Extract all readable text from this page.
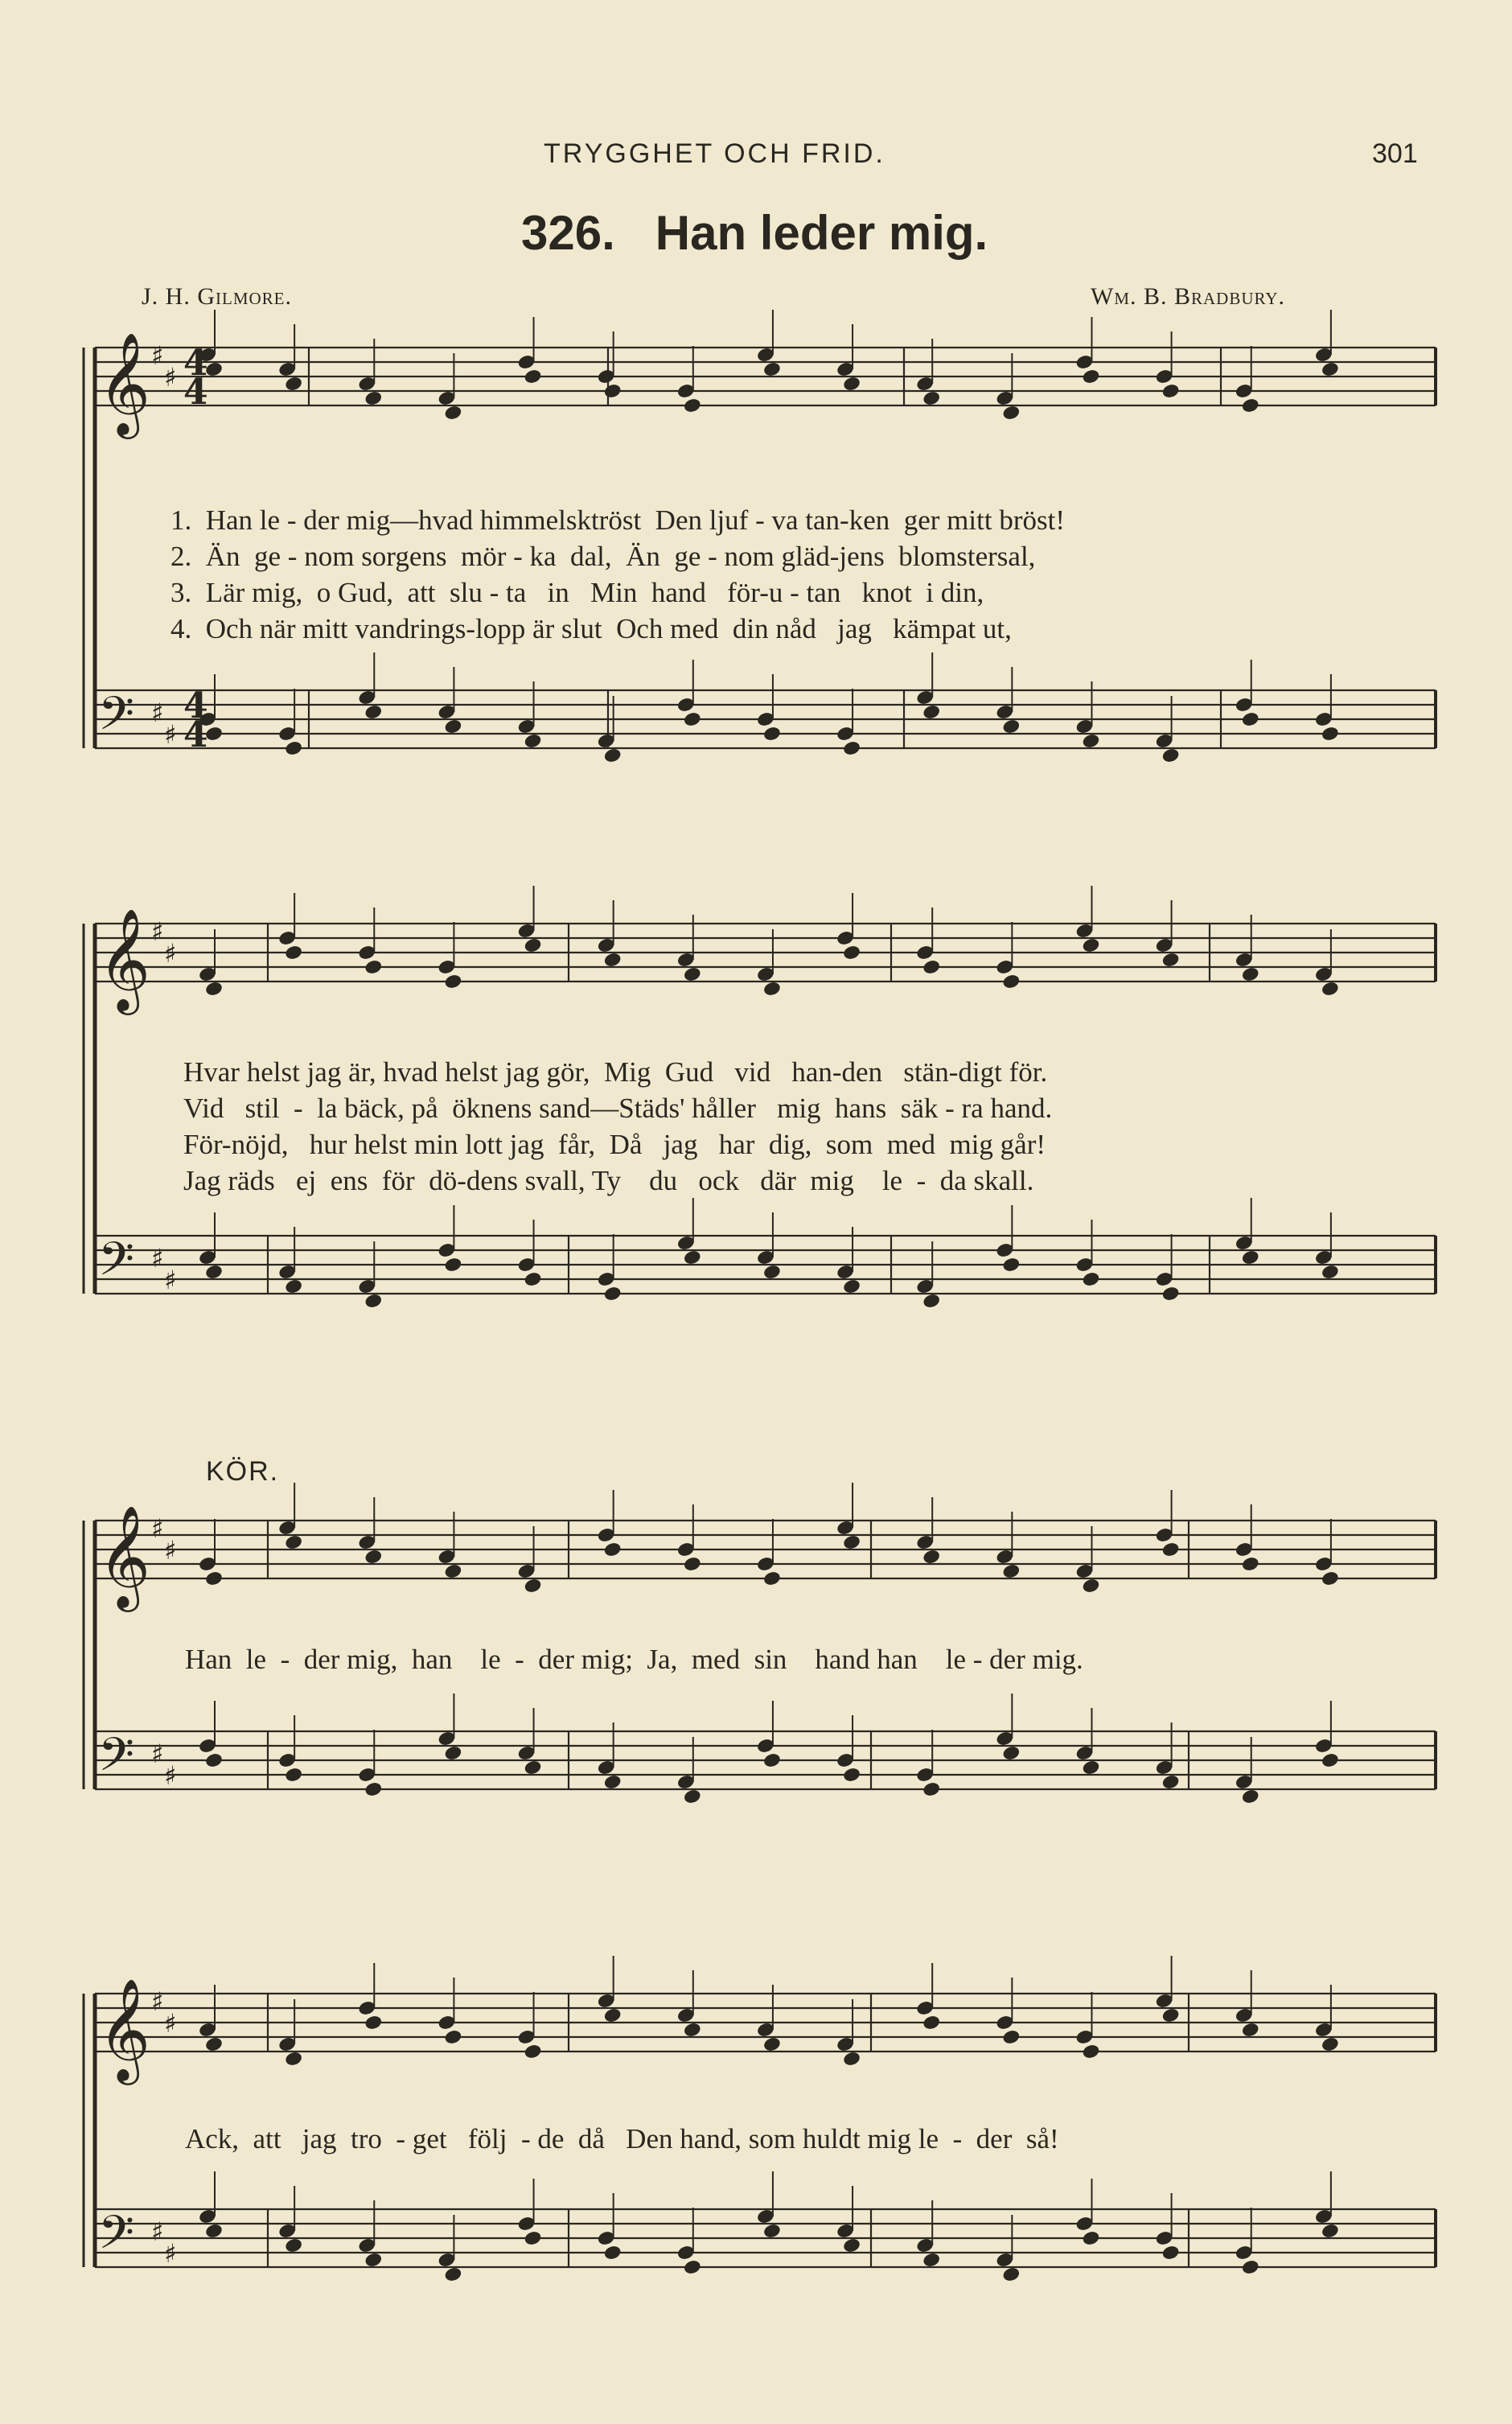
TRYGGHET OCH FRID.	301
326.   Han leder mig.
J. H. Gilmore.	Wm. B. Bradbury.
𝄞 ♯
♯
𝄢 ♯
♯
𝄞 ♯
♯
𝄢 ♯
♯
𝄞 ♯
♯
𝄢 ♯
♯
𝄞 ♯
♯
𝄢 ♯
♯
4
4
4
4
1.  Han le - der mig—hvad himmelsktröst  Den ljuf - va tan-ken  ger mitt bröst!
2.  Än  ge - nom sorgens  mör - ka  dal,  Än  ge - nom gläd-jens  blomstersal,
3.  Lär mig,  o Gud,  att  slu - ta   in   Min  hand   för-u - tan   knot  i din,
4.  Och när mitt vandrings-lopp är slut  Och med  din nåd   jag   kämpat ut,
Hvar helst jag är, hvad helst jag gör,  Mig  Gud   vid   han-den   stän-digt för.
Vid   stil  -  la bäck, på  öknens sand—Städs' håller   mig  hans  säk - ra hand.
För-nöjd,   hur helst min lott jag  får,  Då   jag   har  dig,  som  med  mig går!
Jag räds   ej  ens  för  dö-dens svall, Ty    du   ock   där  mig    le  -  da skall.
KÖR.
Han  le  -  der mig,  han    le  -  der mig;  Ja,  med  sin    hand han    le - der mig.
Ack,  att   jag  tro  - get   följ  - de  då   Den hand, som huldt mig le  -  der  så!
